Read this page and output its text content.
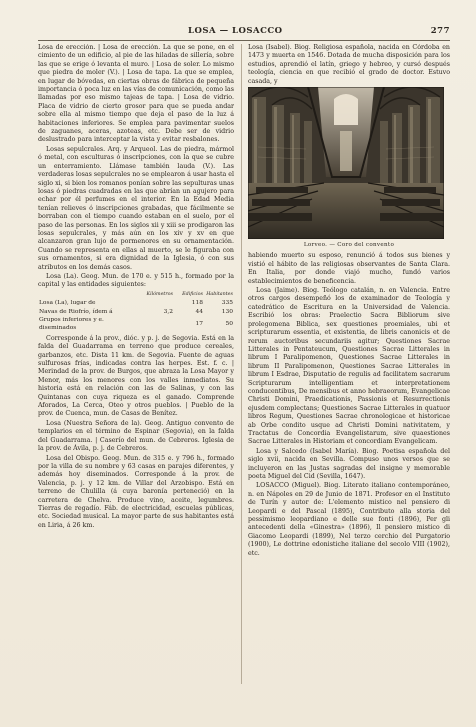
LOSA — LOSACCO	277

Losa de erección. | Losa de erección. La que se pone, en el cimiento de un edificio, al pie de las hiladas de sillería, sobre las que se erige ó levanta el muro. | Losa de soler. Lo mismo que piedra de moler (V.). | Losa de tapa. La que se emplea, en lugar de bóvedas, en ciertas obras de fábrica de pequeña importancia ó poca luz en las vías de comunicación, como las llamadas por eso mismo tajeas de tapa. | Losa de vidrio. Placa de vidrio de cierto grosor para que se pueda andar sobre ella al mismo tiempo que deja el paso de la luz á habitaciones inferiores. Se emplea para pavimentar suelos de zaguanes, aceras, azoteas, etc. Debe ser de vidrio deslustrado para interceptar la vista y evitar resbalones.

Losas sepulcrales. Arq. y Arqueol. Las de piedra, mármol ó metal, con esculturas ó inscripciones, con la que se cubre un enterramiento. Llámase también lauda (V.). Las verdaderas losas sepulcrales no se emplearon á usar hasta el siglo xi, si bien los romanos ponían sobre las sepulturas unas losas ó piedras cuadradas en las que abrían un agujero para echar por él perfumes en el interior. En la Edad Media tenían relieves ó inscripciones grabadas, que fácilmente se borraban con el tiempo cuando estaban en el suelo, por el paso de las personas. En los siglos xii y xiii se prodigaron las losas sepulcrales, y más aún en los xiv y xv en que alcanzaron gran lujo de pormenores en su ornamentación. Cuando se representa en ellas al muerto, se le figuraba con sus ornamentos, si era dignidad de la Iglesia, ó con sus atributos en los demás casos.

Losa (La). Geog. Mun. de 170 e. y 515 h., formado por la capital y las entidades siguientes:

	Kilómetros	Edificios	Habitantes
Losa (La), lugar de		118	335
Navas de Riofrío, ídem á	3,2	44	130
Grupos inferiores y e. diseminados		17	50

Corresponde á la prov., dióc. y p. j. de Segovia. Está en la falda del Guadarrama en terreno que produce cereales, garbanzos, etc. Dista 11 km. de Segovia. Fuente de aguas sulfurosas frías, indicadas contra las herpes. Est. f. c. | Merindad de la prov. de Burgos, que abraza la Losa Mayor y Menor, más los menores con los valles inmediatos. Su historia está en relación con las de Salinas, y con las Quintanas con cuya riqueza es el ganado. Comprende Aforados, La Cerca, Oteo y otros pueblos. | Pueblo de la prov. de Cuenca, mun. de Casas de Benítez.

Losa (Nuestra Señora de la). Geog. Antiguo convento de templarios en el término de Espinar (Segovia), en la falda del Guadarrama. | Caserío del mun. de Cebreros. Iglesia de la prov. de Ávila, p. j. de Cebreros.

Losa del Obispo. Geog. Mun. de 315 e. y 796 h., formado por la villa de su nombre y 63 casas en parajes diferentes, y además hoy diseminados. Corresponde á la prov. de Valencia, p. j. y 12 km. de Villar del Arzobispo. Está en terreno de Chulilla (á cuya baronía perteneció) en la carretera de Chelva. Produce vino, aceite, legumbres. Tierras de regadío. Fáb. de electricidad, escuelas públicas, etc. Sociedad musical. La mayor parte de sus habitantes está en Liria, á 26 km.

Losa (Isabel). Biog. Religiosa española, nacida en Córdoba en 1473 y muerta en 1546. Dotada de mucha disposición para los estudios, aprendió el latín, griego y hebreo, y cursó después teología, ciencia en que recibió el grado de doctor. Estuvo casada, y

Lorveo. — Coro del convento

habiendo muerto su esposo, renunció á todos sus bienes y vistió el hábito de las religiosas observantes de Santa Clara. En Italia, por donde viajó mucho, fundó varios establecimientos de beneficencia.

Losa (Jaime). Biog. Teólogo catalán, n. en Valencia. Entre otros cargos desempeñó los de examinador de Teología y catedrático de Escritura en la Universidad de Valencia. Escribió los obras: Praelectio Sacra Bibliorum sive prolegomena Biblica, sex questiones proemiales, ubi et scripturarum essentia, et existentia, de libris canonicis et de rerum auctoribus secundariis agitur; Questiones Sacrae Litterales in Pentateucum, Questiones Sacrae Litterales in librum I Paralipomenon, Questiones Sacrae Litterales in librum II Paralipomenon, Questiones Sacrae Litterales in librum I Esdrae, Disputatio de regulis ad facilitatem sacrarum Scripturarum intelligentiam et interpretationem conducentibus, De mensibus et anno hebraeorum, Evangelicae Christi Domini, Praedicationis, Passionis et Resurrectionis ejusdem complectans; Questiones Sacrae Litterales in quatuor libros Regum, Questiones Sacrae chronologicae et historicae ab Orbe condito usque ad Christi Domini nativitatem, y Tractatus de Concordia Evangelistarum, sive quaestiones Sacrae Litterales in Historiam et concordiam Evangelicam.

Losa y Salcedo (Isabel María). Biog. Poetisa española del siglo xvii, nacida en Sevilla. Compuso unos versos que se incluyeron en las Justas sagradas del insigne y memorable poeta Miguel del Cid (Sevilla, 1647).

LOSACCO (Miguel). Biog. Literato italiano contemporáneo, n. en Nápoles en 29 de Junio de 1871. Profesor en el Instituto de Turín y autor de: L'elemento mistico nel pensiero di Leopardi e del Pascal (1895), Contributo alla storia del pessimismo leopardiano e delle sue fonti (1896), Per gli antecedenti della «Ginestra» (1896), Il pensiero mistico di Giacomo Leopardi (1899), Nel terzo cerchio del Purgatorio (1900), Le dottrine edonistiche italiane del secolo VIII (1902), etc.
